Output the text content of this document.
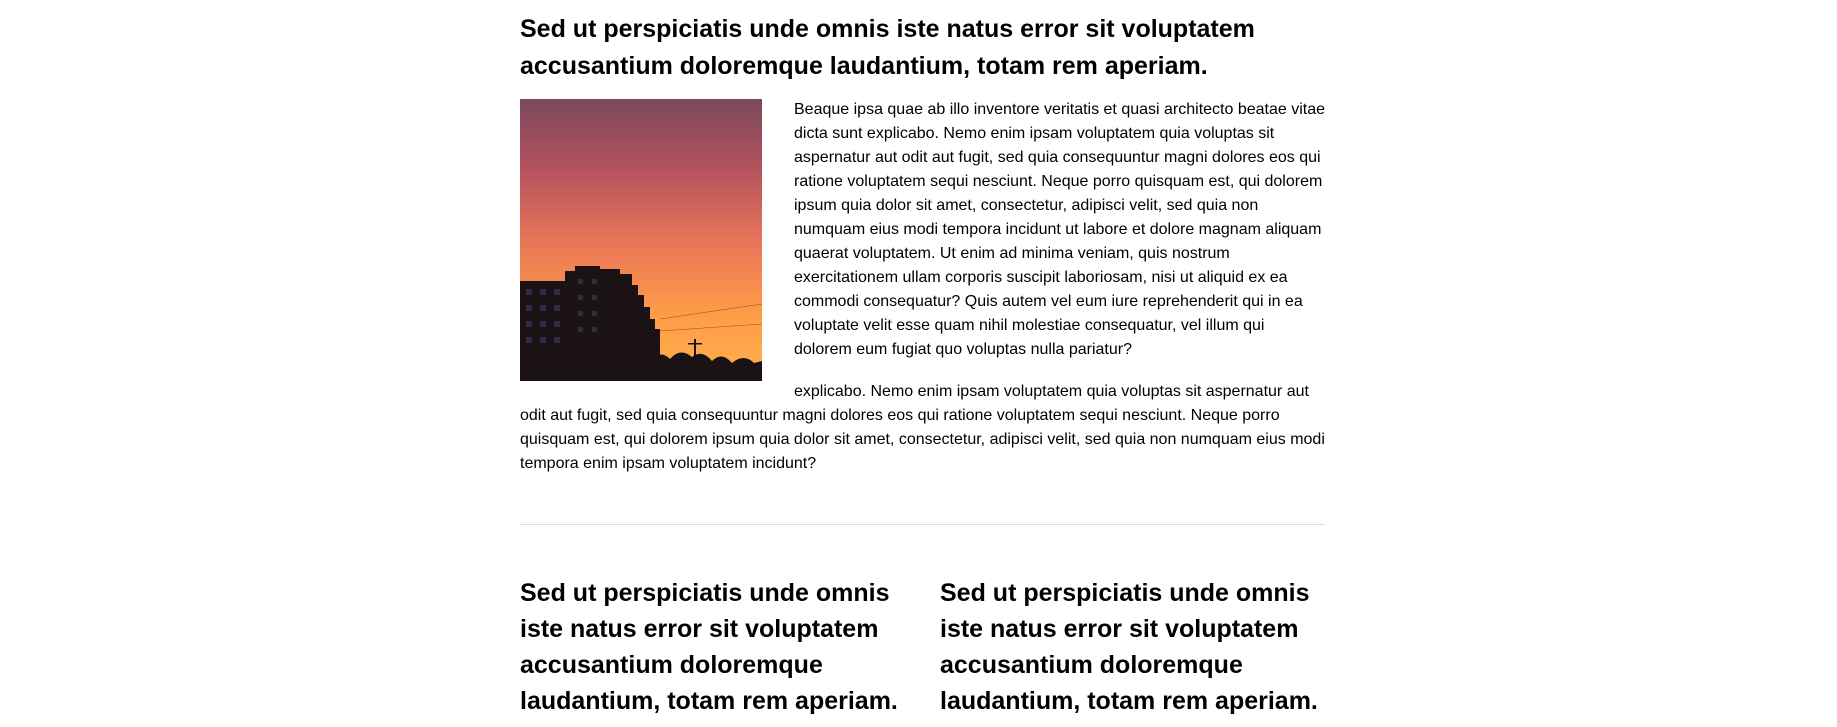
Sed ut perspiciatis unde omnis iste natus error sit voluptatem accusantium doloremque laudantium, totam rem aperiam.

Beaque ipsa quae ab illo inventore veritatis et quasi architecto beatae vitae dicta sunt explicabo. Nemo enim ipsam voluptatem quia voluptas sit aspernatur aut odit aut fugit, sed quia consequuntur magni dolores eos qui ratione voluptatem sequi nesciunt. Neque porro quisquam est, qui dolorem ipsum quia dolor sit amet, consectetur, adipisci velit, sed quia non numquam eius modi tempora incidunt ut labore et dolore magnam aliquam quaerat voluptatem. Ut enim ad minima veniam, quis nostrum exercitationem ullam corporis suscipit laboriosam, nisi ut aliquid ex ea commodi consequatur? Quis autem vel eum iure reprehenderit qui in ea voluptate velit esse quam nihil molestiae consequatur, vel illum qui dolorem eum fugiat quo voluptas nulla pariatur?

explicabo. Nemo enim ipsam voluptatem quia voluptas sit aspernatur aut odit aut fugit, sed quia consequuntur magni dolores eos qui ratione voluptatem sequi nesciunt. Neque porro quisquam est, qui dolorem ipsum quia dolor sit amet, consectetur, adipisci velit, sed quia non numquam eius modi tempora enim ipsam voluptatem incidunt?

Sed ut perspiciatis unde omnis iste natus error sit voluptatem accusantium doloremque laudantium, totam rem aperiam.
Sed ut perspiciatis unde omnis iste natus error sit voluptatem accusantium doloremque laudantium, totam rem aperiam.
